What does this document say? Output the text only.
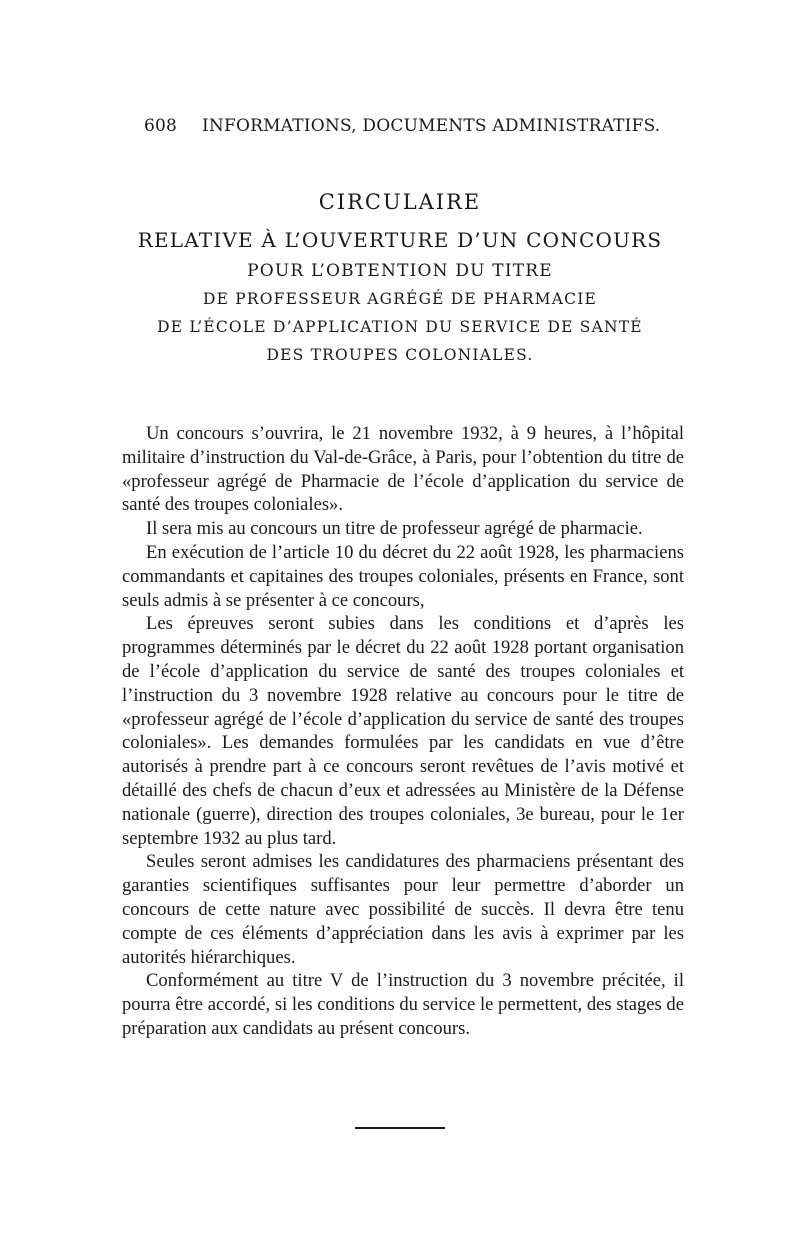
608	INFORMATIONS, DOCUMENTS ADMINISTRATIFS.
CIRCULAIRE
RELATIVE À L’OUVERTURE D’UN CONCOURS
POUR L’OBTENTION DU TITRE
DE PROFESSEUR AGRÉGÉ DE PHARMACIE
DE L’ÉCOLE D’APPLICATION DU SERVICE DE SANTÉ
DES TROUPES COLONIALES.

Un concours s’ouvrira, le 21 novembre 1932, à 9 heures, à l’hôpital militaire d’instruction du Val-de-Grâce, à Paris, pour l’obtention du titre de «professeur agrégé de Pharmacie de l’école d’application du service de santé des troupes coloniales».

Il sera mis au concours un titre de professeur agrégé de pharmacie.

En exécution de l’article 10 du décret du 22 août 1928, les pharmaciens commandants et capitaines des troupes coloniales, présents en France, sont seuls admis à se présenter à ce concours,

Les épreuves seront subies dans les conditions et d’après les programmes déterminés par le décret du 22 août 1928 portant organisation de l’école d’application du service de santé des troupes coloniales et l’instruction du 3 novembre 1928 relative au concours pour le titre de «professeur agrégé de l’école d’application du service de santé des troupes coloniales». Les demandes formulées par les candidats en vue d’être autorisés à prendre part à ce concours seront revêtues de l’avis motivé et détaillé des chefs de chacun d’eux et adressées au Ministère de la Défense nationale (guerre), direction des troupes coloniales, 3e bureau, pour le 1er septembre 1932 au plus tard.

Seules seront admises les candidatures des pharmaciens présentant des garanties scientifiques suffisantes pour leur permettre d’aborder un concours de cette nature avec possibilité de succès. Il devra être tenu compte de ces éléments d’appréciation dans les avis à exprimer par les autorités hiérarchiques.

Conformément au titre V de l’instruction du 3 novembre précitée, il pourra être accordé, si les conditions du service le permettent, des stages de préparation aux candidats au présent concours.
